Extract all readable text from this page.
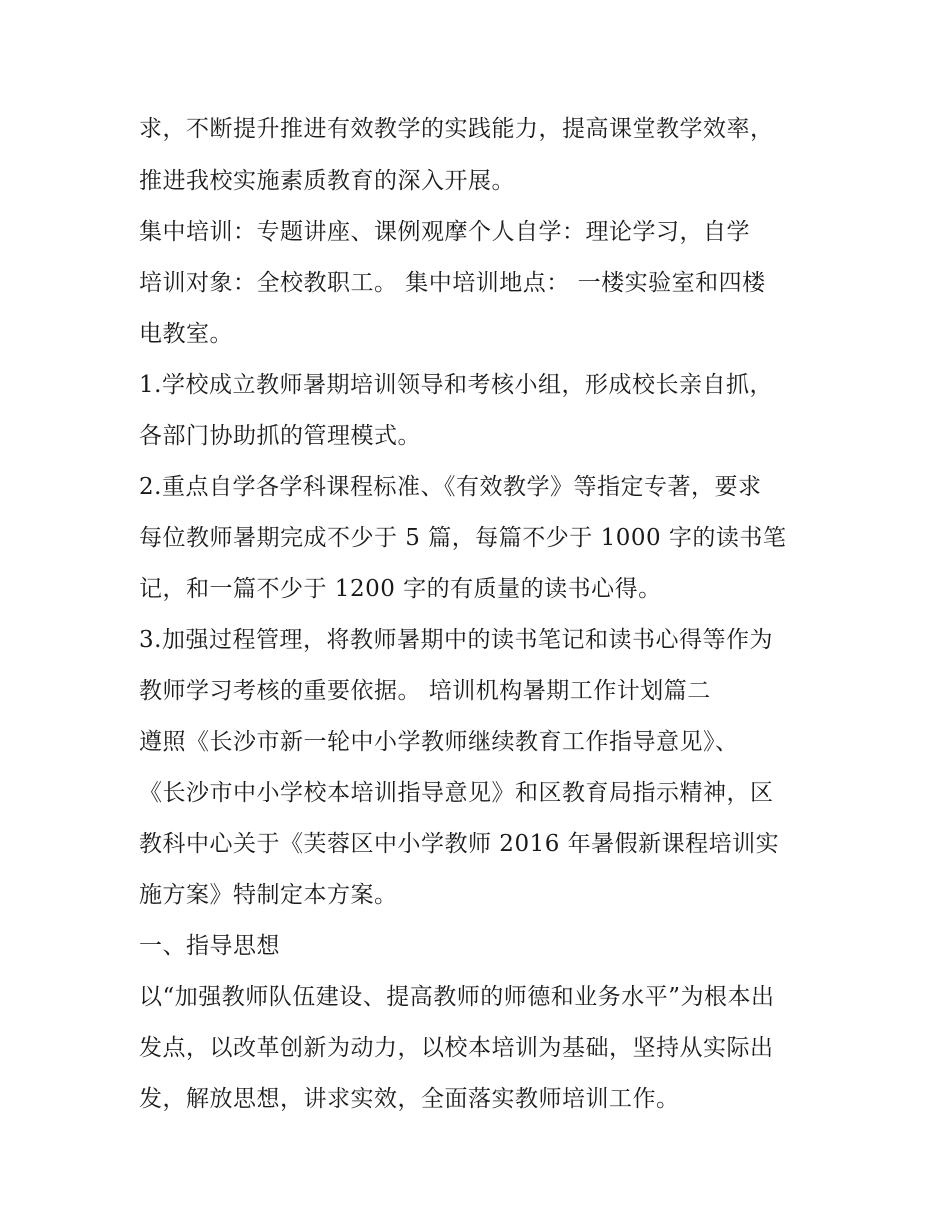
求，不断提升推进有效教学的实践能力，提高课堂教学效率，

推进我校实施素质教育的深入开展。

集中培训：专题讲座、课例观摩个人自学：理论学习，自学

培训对象：全校教职工。 集中培训地点： 一楼实验室和四楼

电教室。

1.学校成立教师暑期培训领导和考核小组，形成校长亲自抓，

各部门协助抓的管理模式。

2.重点自学各学科课程标准、《有效教学》等指定专著，要求

每位教师暑期完成不少于 5 篇，每篇不少于 1000 字的读书笔

记，和一篇不少于 1200 字的有质量的读书心得。

3.加强过程管理，将教师暑期中的读书笔记和读书心得等作为

教师学习考核的重要依据。 培训机构暑期工作计划篇二

遵照《长沙市新一轮中小学教师继续教育工作指导意见》、

《长沙市中小学校本培训指导意见》和区教育局指示精神，区

教科中心关于《芙蓉区中小学教师 2016 年暑假新课程培训实

施方案》特制定本方案。

一、指导思想

以“加强教师队伍建设、提高教师的师德和业务水平”为根本出

发点，以改革创新为动力，以校本培训为基础，坚持从实际出

发，解放思想，讲求实效，全面落实教师培训工作。
